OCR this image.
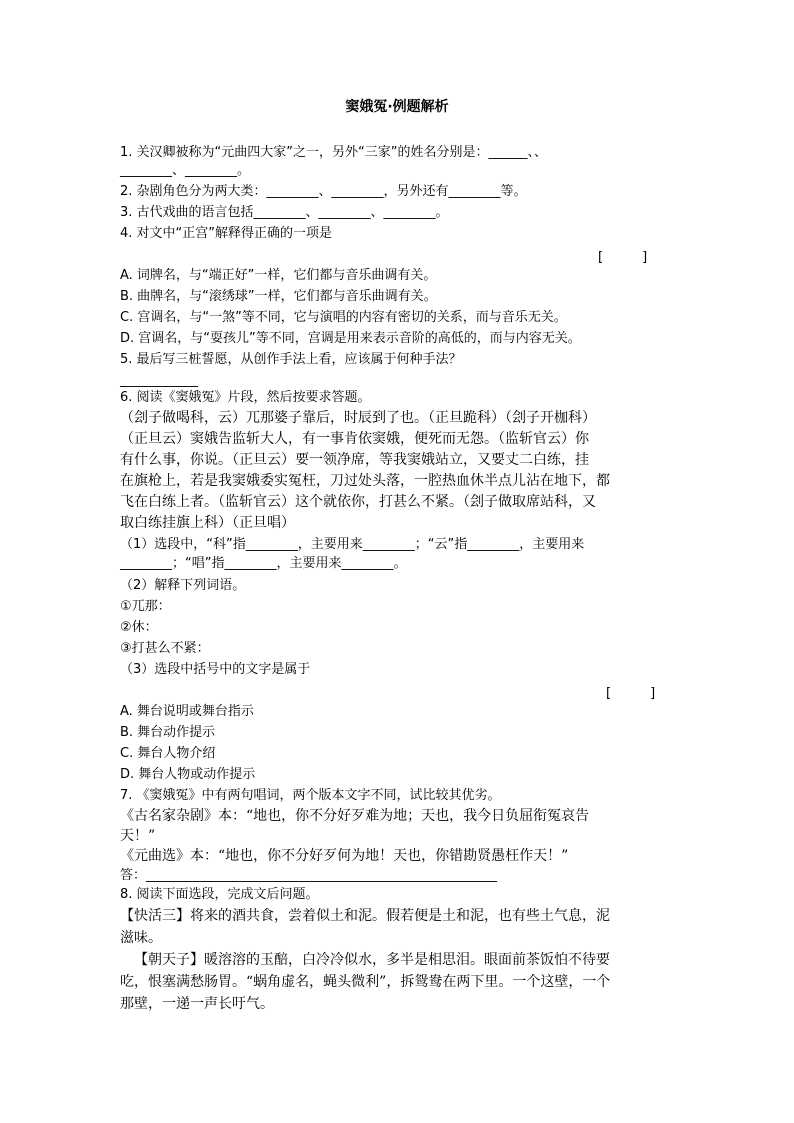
窦娥冤·例题解析
1. 关汉卿被称为“元曲四大家”之一，另外“三家”的姓名分别是：______、、
________、________。
2. 杂剧角色分为两大类：________、________，另外还有________等。
3. 古代戏曲的语言包括________、________、________。
4. 对文中“正宫”解释得正确的一项是
[　　　]
A. 词牌名，与“端正好”一样，它们都与音乐曲调有关。
B. 曲牌名，与“滚绣球”一样，它们都与音乐曲调有关。
C. 宫调名，与“一煞”等不同，它与演唱的内容有密切的关系，而与音乐无关。
D. 宫调名，与“耍孩儿”等不同，宫调是用来表示音阶的高低的，而与内容无关。
5. 最后写三桩誓愿，从创作手法上看，应该属于何种手法？
____________
6. 阅读《窦娥冤》片段，然后按要求答题。
（刽子做喝科，云）兀那婆子靠后，时辰到了也。（正旦跪科）（刽子开枷科）
（正旦云）窦娥告监斩大人，有一事肯依窦娥，便死而无怨。（监斩官云）你
有什么事，你说。（正旦云）要一领净席，等我窦娥站立，又要丈二白练，挂
在旗枪上，若是我窦娥委实冤枉，刀过处头落，一腔热血休半点儿沾在地下，都
飞在白练上者。（监斩官云）这个就依你，打甚么不紧。（刽子做取席站科，又
取白练挂旗上科）（正旦唱）
（1）选段中，“科”指________，主要用来________；“云”指________，主要用来
________；“唱”指________，主要用来________。
（2）解释下列词语。
①兀那：
②休：
③打甚么不紧：
（3）选段中括号中的文字是属于
[　　　]
A. 舞台说明或舞台指示
B. 舞台动作提示
C. 舞台人物介绍
D. 舞台人物或动作提示
7. 《窦娥冤》中有两句唱词，两个版本文字不同，试比较其优劣。
《古名家杂剧》本：“地也，你不分好歹难为地；天也，我今日负屈衔冤哀告
天！”
《元曲选》本：“地也，你不分好歹何为地！天也，你错勘贤愚枉作天！”
答：______________________________________________________
8. 阅读下面选段，完成文后问题。
【快活三】将来的酒共食，尝着似土和泥。假若便是土和泥，也有些土气息，泥
滋味。
【朝天子】暖溶溶的玉醅，白冷冷似水，多半是相思泪。眼面前茶饭怕不待要
吃，恨塞满愁肠胃。“蜗角虚名，蝇头微利”，拆鸳鸯在两下里。一个这壁，一个
那壁，一递一声长吁气。
